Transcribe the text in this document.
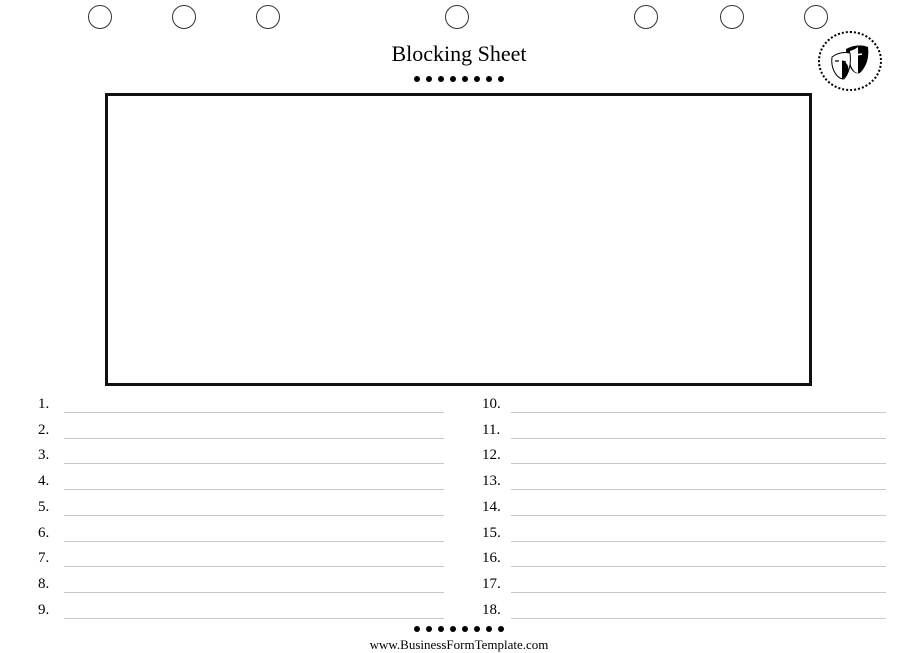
Blocking Sheet
1.
2.
3.
4.
5.
6.
7.
8.
9.
10.
11.
12.
13.
14.
15.
16.
17.
18.
www.BusinessFormTemplate.com
